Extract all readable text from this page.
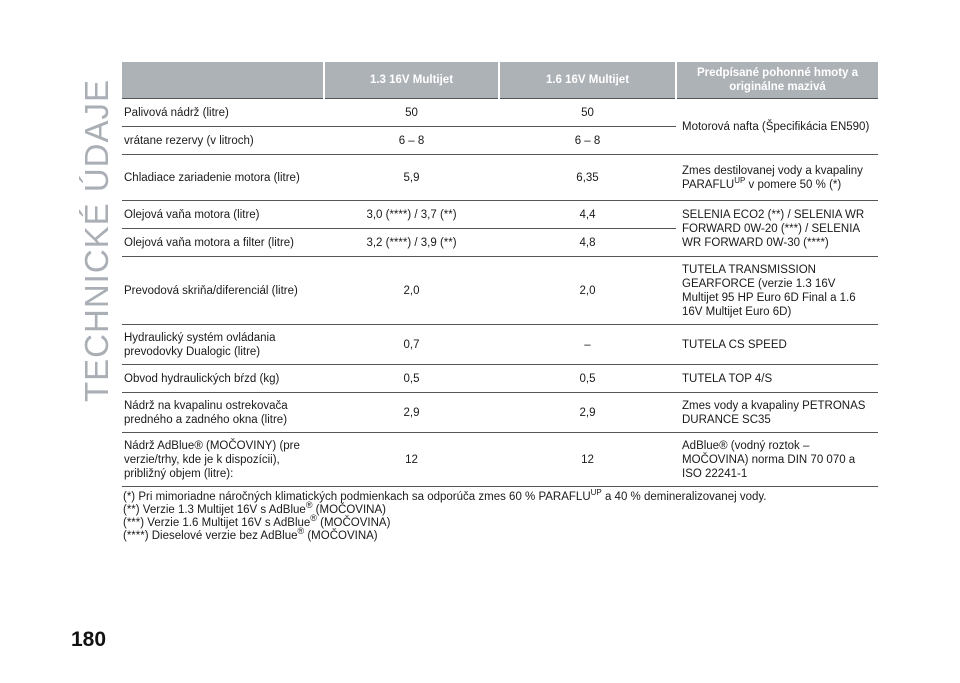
TECHNICKÉ ÚDAJE
		1.3 16V Multijet	1.6 16V Multijet	Predpísané pohonné hmoty a originálne mazivá
Palivová nádrž (litre)	50	50	Motorová nafta (Špecifikácia EN590)
vrátane rezervy (v litroch)	6 – 8	6 – 8	
Chladiace zariadenie motora (litre)	5,9	6,35	Zmes destilovanej vody a kvapaliny $PARAFLU^{UP}$ v pomere 50 % (*)
Olejová vaňa motora (litre)	3,0 (****) / 3,7 (**)	4,4	SELENIA ECO2 (**) / SELENIA WR FORWARD 0W-20 (***) / SELENIA WR FORWARD 0W-30 (****)
Olejová vaňa motora a filter (litre)	3,2 (****) / 3,9 (**)	4,8	
Prevodová skriňa/diferenciál (litre)	2,0	2,0	TUTELA TRANSMISSION GEARFORCE (verzie 1.3 16V Multijet 95 HP Euro 6D Final a 1.6 16V Multijet Euro 6D)
Hydraulický systém ovládania prevodovky Dualogic (litre)	0,7	–	TUTELA CS SPEED
Obvod hydraulických bŕzd (kg)	0,5	0,5	TUTELA TOP 4/S
Nádrž na kvapalinu ostrekovača predného a zadného okna (litre)	2,9	2,9	Zmes vody a kvapaliny PETRONAS DURANCE SC35
Nádrž AdBlue® (MOČOVINY) (pre verzie/trhy, kde je k dispozícii), približný objem (litre):	12	12	AdBlue® (vodný roztok – MOČOVINA) norma DIN 70 070 a ISO 22241-1
(*) Pri mimoriadne náročných klimatických podmienkach sa odporúča zmes 60 % $PARAFLU^{UP}$ a 40 % demineralizovanej vody.
(**) Verzie 1.3 Multijet 16V s AdBlue® (MOČOVINA)
(***) Verzie 1.6 Multijet 16V s AdBlue® (MOČOVINA)
(****) Dieselové verzie bez AdBlue® (MOČOVINA)
180
